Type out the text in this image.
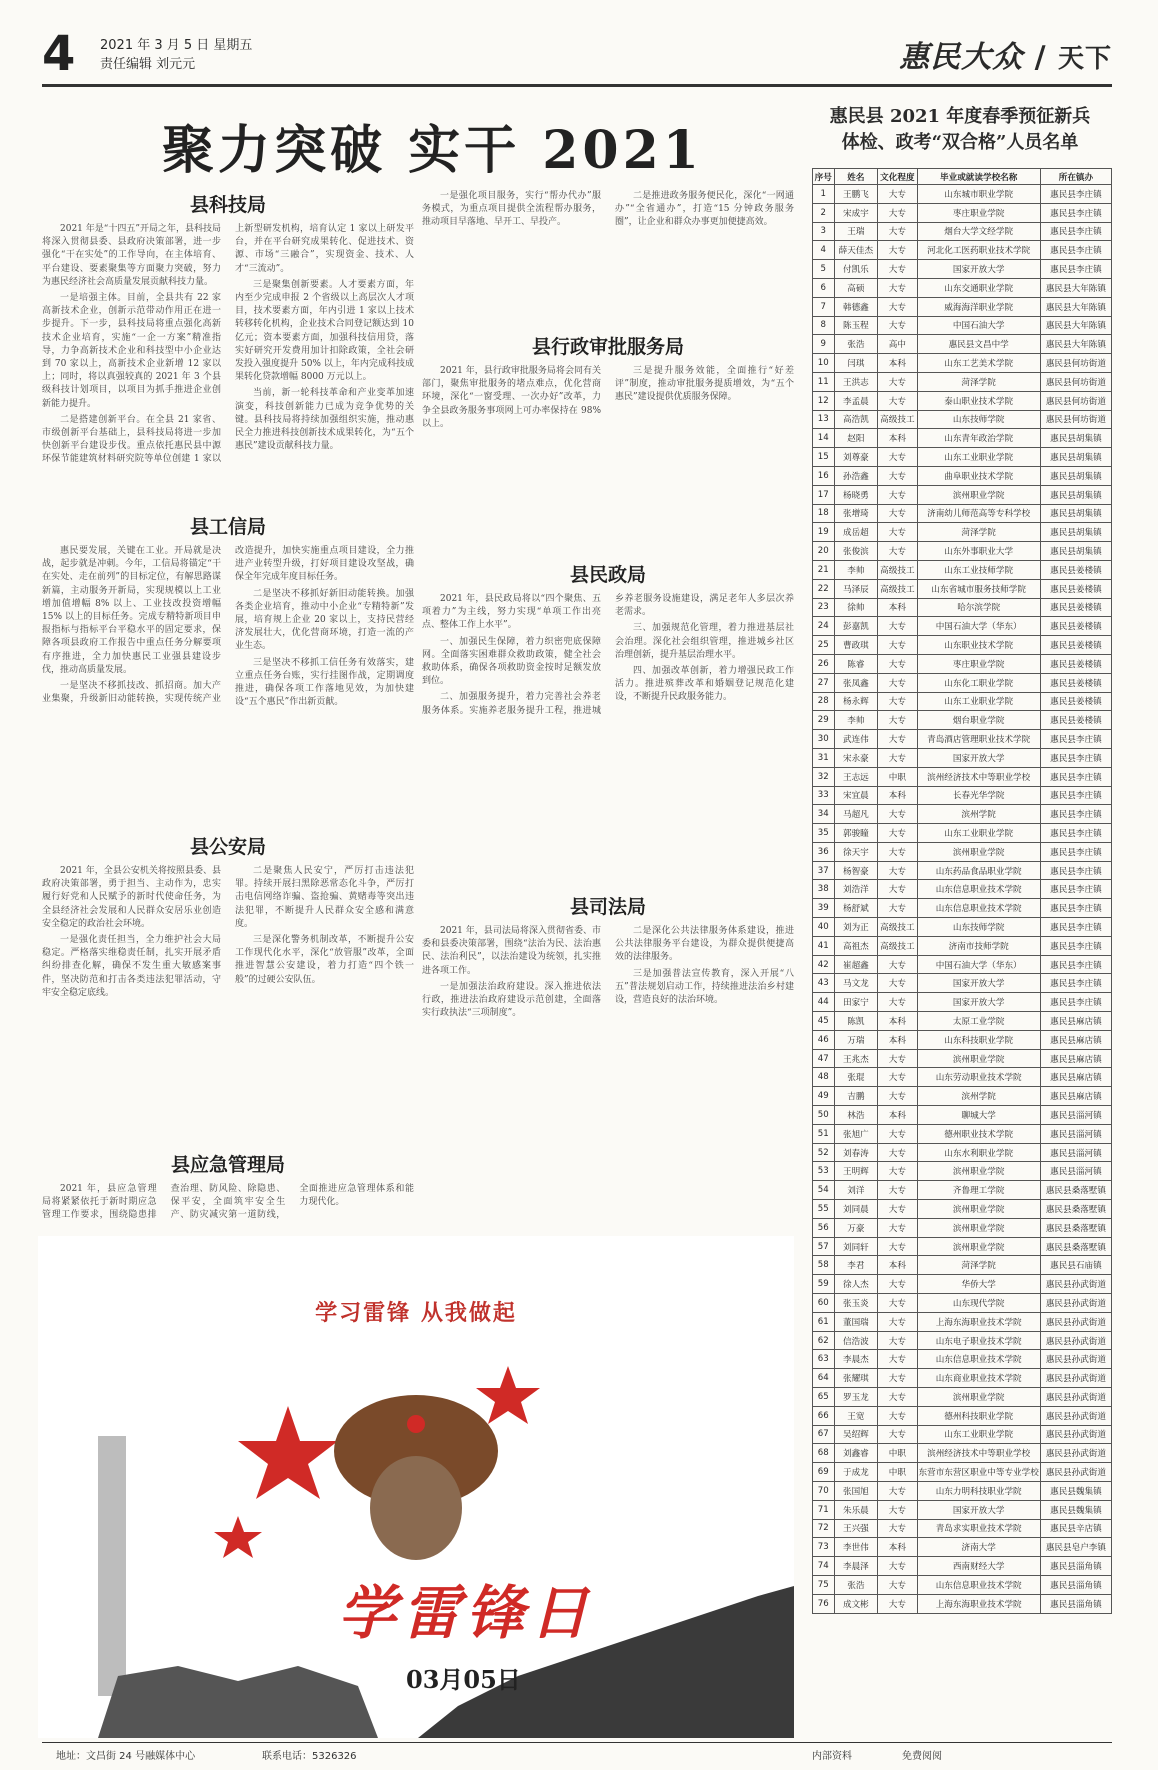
4 2021 年 3 月 5 日 星期五
责任编辑 刘元元	惠民大众 / 天下
聚力突破 实干 2021
县科技局

2021 年是“十四五”开局之年，县科技局将深入贯彻县委、县政府决策部署，进一步强化“干在实处”的工作导向，在主体培育、平台建设、要素聚集等方面聚力突破，努力为惠民经济社会高质量发展贡献科技力量。

一是培强主体。目前，全县共有 22 家高新技术企业，创新示范带动作用正在进一步提升。下一步，县科技局将重点强化高新技术企业培育，实施“一企一方案”精准指导，力争高新技术企业和科技型中小企业达到 70 家以上，高新技术企业新增 12 家以上；同时，将以真强较真的 2021 年 3 个县级科技计划项目，以项目为抓手推进企业创新能力提升。

二是搭建创新平台。在全县 21 家省、市级创新平台基础上，县科技局将进一步加快创新平台建设步伐。重点依托惠民县中源环保节能建筑材料研究院等单位创建 1 家以上新型研发机构，培育认定 1 家以上研发平台，并在平台研究成果转化、促进技术、资源、市场“三融合”，实现资金、技术、人才“三流动”。

三是聚集创新要素。人才要素方面，年内至少完成申报 2 个省级以上高层次人才项目，技术要素方面，年内引进 1 家以上技术转移转化机构，企业技术合同登记额达到 10 亿元；资本要素方面，加强科技信用贷，落实好研究开发费用加计扣除政策，全社会研发投入强度提升 50% 以上，年内完成科技成果转化贷款增幅 8000 万元以上。

当前，新一轮科技革命和产业变革加速演变，科技创新能力已成为竞争优势的关键。县科技局将持续加强组织实施，推动惠民全力推进科技创新技术成果转化，为“五个惠民”建设贡献科技力量。

县工信局

惠民要发展，关键在工业。开局就是决战，起步就是冲刺。今年，工信局将锚定“干在实处、走在前列”的目标定位，有解思路谋新篇，主动服务开新局，实现规模以上工业增加值增幅 8% 以上、工业技改投资增幅 15% 以上的目标任务。完成专精特新项目申报指标与指标平台平稳水平的固定要求，保障各项县政府工作报告中重点任务分解要项有序推进，全力加快惠民工业强县建设步伐，推动高质量发展。

一是坚决不移抓技改、抓招商。加大产业集聚，升级新旧动能转换，实现传统产业改造提升，加快实施重点项目建设，全力推进产业转型升级，打好项目建设攻坚战，确保全年完成年度目标任务。

二是坚决不移抓好新旧动能转换。加强各类企业培育，推动中小企业“专精特新”发展，培育规上企业 20 家以上，支持民营经济发展壮大，优化营商环境，打造一流的产业生态。

三是坚决不移抓工信任务有效落实，建立重点任务台账，实行挂图作战，定期调度推进，确保各项工作落地见效，为加快建设“五个惠民”作出新贡献。

县公安局

2021 年，全县公安机关将按照县委、县政府决策部署，勇于担当、主动作为，忠实履行好党和人民赋予的新时代使命任务，为全县经济社会发展和人民群众安居乐业创造安全稳定的政治社会环境。

一是强化责任担当，全力维护社会大局稳定。严格落实维稳责任制，扎实开展矛盾纠纷排查化解，确保不发生重大敏感案事件，坚决防范和打击各类违法犯罪活动，守牢安全稳定底线。

二是聚焦人民安宁，严厉打击违法犯罪。持续开展扫黑除恶常态化斗争，严厉打击电信网络诈骗、盗抢骗、黄赌毒等突出违法犯罪，不断提升人民群众安全感和满意度。

三是深化警务机制改革，不断提升公安工作现代化水平，深化“放管服”改革，全面推进智慧公安建设，着力打造“四个铁一般”的过硬公安队伍。

县应急管理局

2021 年，县应急管理局将紧紧依托于新时期应急管理工作要求，围绕隐患排查治理、防风险、除隐患、保平安，全面筑牢安全生产、防灾减灾第一道防线，全面推进应急管理体系和能力现代化。

一是强化项目服务，实行“帮办代办”服务模式，为重点项目提供全流程帮办服务，推动项目早落地、早开工、早投产。

二是推进政务服务便民化，深化“一网通办”“全省通办”，打造“15 分钟政务服务圈”，让企业和群众办事更加便捷高效。

县行政审批服务局

2021 年，县行政审批服务局将会同有关部门，聚焦审批服务的堵点难点，优化营商环境，深化“一窗受理、一次办好”改革，力争全县政务服务事项网上可办率保持在 98% 以上。

三是提升服务效能，全面推行“好差评”制度，推动审批服务提质增效，为“五个惠民”建设提供优质服务保障。

县民政局

2021 年，县民政局将以“四个聚焦、五项着力”为主线，努力实现“单项工作出亮点、整体工作上水平”。

一、加强民生保障，着力织密兜底保障网。全面落实困难群众救助政策，健全社会救助体系，确保各项救助资金按时足额发放到位。

二、加强服务提升，着力完善社会养老服务体系。实施养老服务提升工程，推进城乡养老服务设施建设，满足老年人多层次养老需求。

三、加强规范化管理，着力推进基层社会治理。深化社会组织管理，推进城乡社区治理创新，提升基层治理水平。

四、加强改革创新，着力增强民政工作活力。推进殡葬改革和婚姻登记规范化建设，不断提升民政服务能力。

县司法局

2021 年，县司法局将深入贯彻省委、市委和县委决策部署，围绕“法治为民、法治惠民、法治利民”，以法治建设为统领，扎实推进各项工作。

一是加强法治政府建设。深入推进依法行政，推进法治政府建设示范创建，全面落实行政执法“三项制度”。

二是深化公共法律服务体系建设，推进公共法律服务平台建设，为群众提供便捷高效的法律服务。

三是加强普法宣传教育，深入开展“八五”普法规划启动工作，持续推进法治乡村建设，营造良好的法治环境。

惠民县 2021 年度春季预征新兵
体检、政考“双合格”人员名单
序号	姓名	文化程度	毕业或就读学校名称	所在镇办
1	王鹏飞	大专	山东城市职业学院	惠民县李庄镇
2	宋成宇	大专	枣庄职业学院	惠民县李庄镇
3	王瑞	大专	烟台大学文经学院	惠民县李庄镇
4	薛天佳杰	大专	河北化工医药职业技术学院	惠民县李庄镇
5	付凯乐	大专	国家开放大学	惠民县李庄镇
6	高硕	大专	山东交通职业学院	惠民县大年陈镇
7	韩德鑫	大专	威海海洋职业学院	惠民县大年陈镇
8	陈玉程	大专	中国石油大学	惠民县大年陈镇
9	张浩	高中	惠民县文昌中学	惠民县大年陈镇
10	闫琪	本科	山东工艺美术学院	惠民县何坊街道
11	王洪志	大专	菏泽学院	惠民县何坊街道
12	李孟晨	大专	泰山职业技术学院	惠民县何坊街道
13	高浩凯	高级技工	山东技师学院	惠民县何坊街道
14	赵阳	本科	山东青年政治学院	惠民县胡集镇
15	刘尊豪	大专	山东工业职业学院	惠民县胡集镇
16	孙浩鑫	大专	曲阜职业技术学院	惠民县胡集镇
17	杨晓勇	大专	滨州职业学院	惠民县胡集镇
18	张增琦	大专	济南幼儿师范高等专科学校	惠民县胡集镇
19	成岳超	大专	菏泽学院	惠民县胡集镇
20	张俊滨	大专	山东外事职业大学	惠民县胡集镇
21	李帅	高级技工	山东工业技师学院	惠民县姜楼镇
22	马泽辰	高级技工	山东省城市服务技师学院	惠民县姜楼镇
23	徐帅	本科	哈尔滨学院	惠民县姜楼镇
24	彭嘉凯	大专	中国石油大学（华东）	惠民县姜楼镇
25	曹政琪	大专	山东职业技术学院	惠民县姜楼镇
26	陈睿	大专	枣庄职业学院	惠民县姜楼镇
27	张凤鑫	大专	山东化工职业学院	惠民县姜楼镇
28	杨永辉	大专	山东工业职业学院	惠民县姜楼镇
29	李帅	大专	烟台职业学院	惠民县姜楼镇
30	武连伟	大专	青岛酒店管理职业技术学院	惠民县李庄镇
31	宋永豪	大专	国家开放大学	惠民县李庄镇
32	王志远	中职	滨州经济技术中等职业学校	惠民县李庄镇
33	宋宜晨	本科	长春光华学院	惠民县李庄镇
34	马超凡	大专	滨州学院	惠民县李庄镇
35	郭骏瞳	大专	山东工业职业学院	惠民县李庄镇
36	徐天宇	大专	滨州职业学院	惠民县李庄镇
37	杨智豪	大专	山东药品食品职业学院	惠民县李庄镇
38	刘浩洋	大专	山东信息职业技术学院	惠民县李庄镇
39	杨舒斌	大专	山东信息职业技术学院	惠民县李庄镇
40	刘为正	高级技工	山东技师学院	惠民县李庄镇
41	高祖杰	高级技工	济南市技师学院	惠民县李庄镇
42	崔超鑫	大专	中国石油大学（华东）	惠民县李庄镇
43	马文龙	大专	国家开放大学	惠民县李庄镇
44	田家宁	大专	国家开放大学	惠民县李庄镇
45	陈凯	本科	太原工业学院	惠民县麻店镇
46	万瑞	本科	山东科技职业学院	惠民县麻店镇
47	王兆杰	大专	滨州职业学院	惠民县麻店镇
48	张琨	大专	山东劳动职业技术学院	惠民县麻店镇
49	吉鹏	大专	滨州学院	惠民县麻店镇
50	林浩	本科	聊城大学	惠民县淄河镇
51	张旭广	大专	德州职业技术学院	惠民县淄河镇
52	刘春涛	大专	山东水利职业学院	惠民县淄河镇
53	王明辉	大专	滨州职业学院	惠民县淄河镇
54	刘洋	大专	齐鲁理工学院	惠民县桑落墅镇
55	刘同晨	大专	滨州职业学院	惠民县桑落墅镇
56	万豪	大专	滨州职业学院	惠民县桑落墅镇
57	刘同轩	大专	滨州职业学院	惠民县桑落墅镇
58	李君	本科	菏泽学院	惠民县石庙镇
59	徐人杰	大专	华侨大学	惠民县孙武街道
60	张玉炎	大专	山东现代学院	惠民县孙武街道
61	董国瑞	大专	上海东海职业技术学院	惠民县孙武街道
62	信浩波	大专	山东电子职业技术学院	惠民县孙武街道
63	李晨杰	大专	山东信息职业技术学院	惠民县孙武街道
64	张耀琪	大专	山东商业职业技术学院	惠民县孙武街道
65	罗玉龙	大专	滨州职业学院	惠民县孙武街道
66	王宽	大专	德州科技职业学院	惠民县孙武街道
67	吴绍辉	大专	山东工业职业学院	惠民县孙武街道
68	刘鑫睿	中职	滨州经济技术中等职业学校	惠民县孙武街道
69	于成龙	中职	东营市东营区职业中等专业学校	惠民县孙武街道
70	张国旭	大专	山东力明科技职业学院	惠民县魏集镇
71	朱乐晨	大专	国家开放大学	惠民县魏集镇
72	王兴强	大专	青岛求实职业技术学院	惠民县辛店镇
73	李世伟	本科	济南大学	惠民县皂户李镇
74	李晨泽	大专	西南财经大学	惠民县淄角镇
75	张浩	大专	山东信息职业技术学院	惠民县淄角镇
76	成文彬	大专	上海东海职业技术学院	惠民县淄角镇
学习雷锋 从我做起
学雷锋日
03月05日
地址：文昌街 24 号融媒体中心	联系电话：5326326	内部资料	免费阅阅
